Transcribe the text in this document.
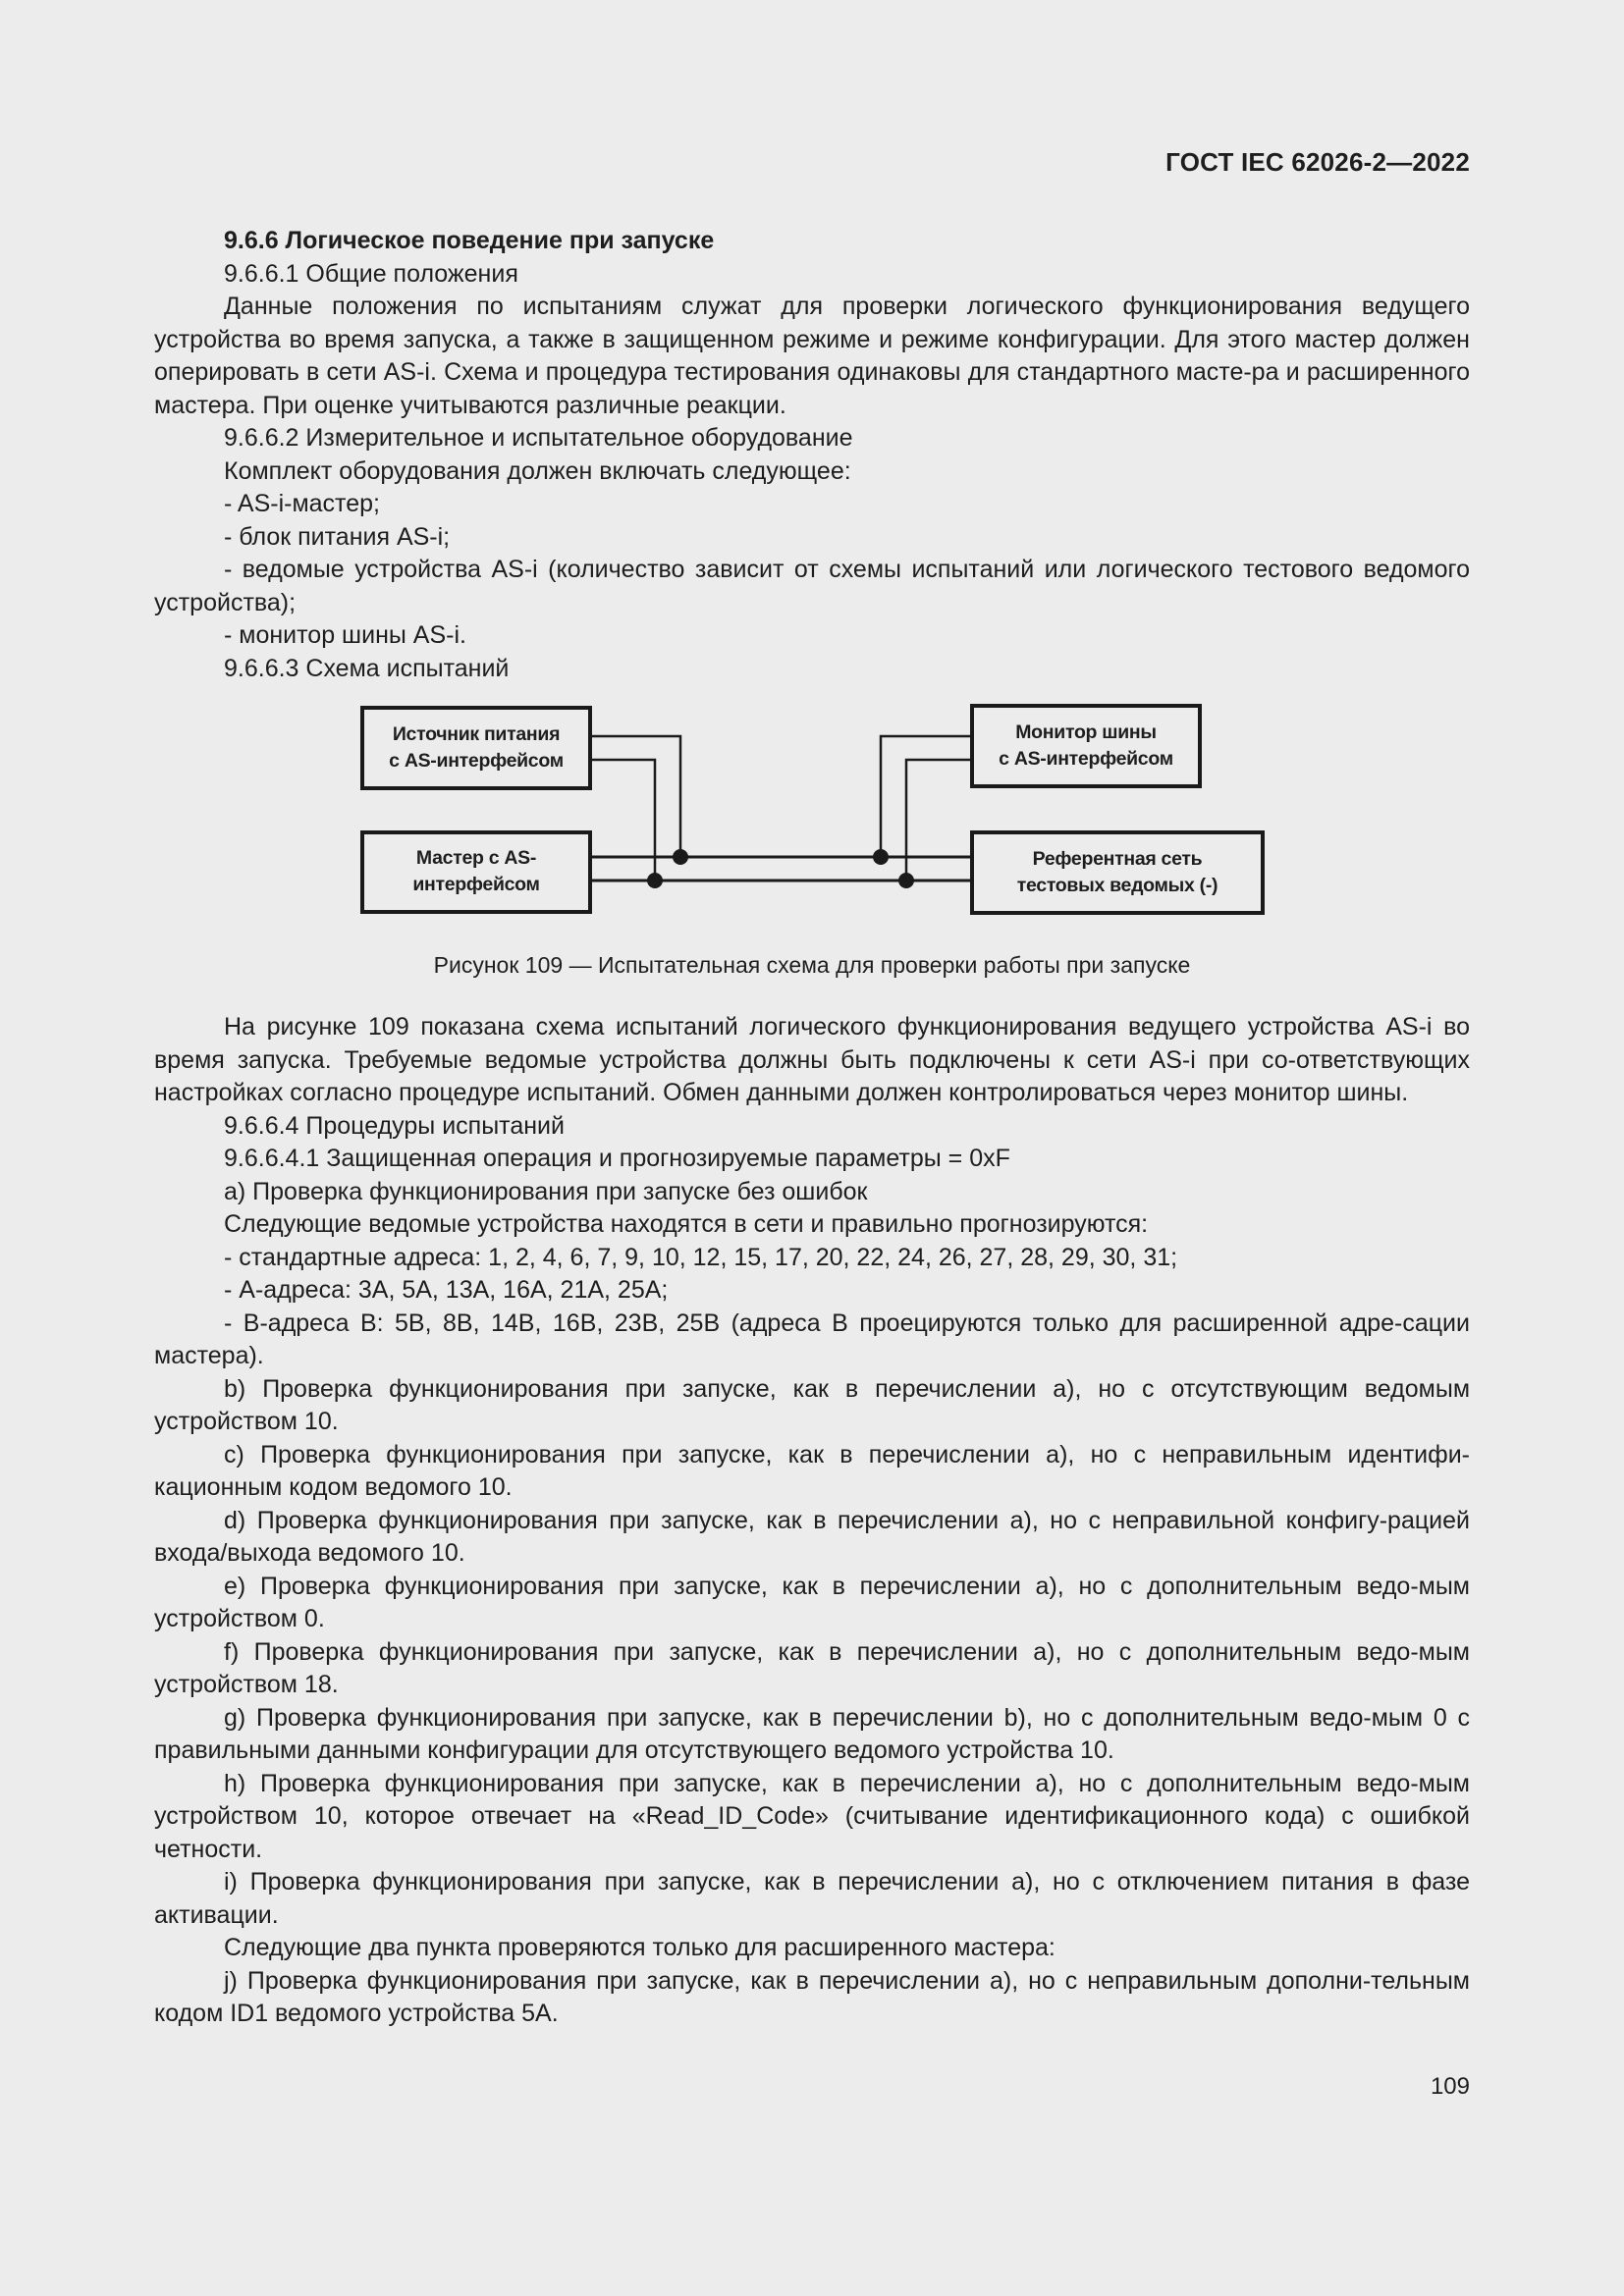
ГОСТ IEC 62026-2—2022

9.6.6 Логическое поведение при запуске

9.6.6.1 Общие положения

Данные положения по испытаниям служат для проверки логического функционирования ведущего устройства во время запуска, а также в защищенном режиме и режиме конфигурации. Для этого мастер должен оперировать в сети AS-i. Схема и процедура тестирования одинаковы для стандартного масте-ра и расширенного мастера. При оценке учитываются различные реакции.

9.6.6.2 Измерительное и испытательное оборудование

Комплект оборудования должен включать следующее:

- AS-i-мастер;

- блок питания AS-i;

- ведомые устройства AS-i (количество зависит от схемы испытаний или логического тестового ведомого устройства);

- монитор шины AS-i.

9.6.6.3 Схема испытаний

Источник питания
с AS-интерфейсом
Мастер с AS-
интерфейсом
Монитор шины
с AS-интерфейсом
Референтная сеть
тестовых ведомых (-)
Рисунок 109 — Испытательная схема для проверки работы при запуске

На рисунке 109 показана схема испытаний логического функционирования ведущего устройства AS-i во время запуска. Требуемые ведомые устройства должны быть подключены к сети AS-i при со-ответствующих настройках согласно процедуре испытаний. Обмен данными должен контролироваться через монитор шины.

9.6.6.4 Процедуры испытаний

9.6.6.4.1 Защищенная операция и прогнозируемые параметры = 0xF

a) Проверка функционирования при запуске без ошибок

Следующие ведомые устройства находятся в сети и правильно прогнозируются:

- стандартные адреса: 1, 2, 4, 6, 7, 9, 10, 12, 15, 17, 20, 22, 24, 26, 27, 28, 29, 30, 31;

- А-адреса: 3А, 5А, 13А, 16А, 21А, 25А;

- В-адреса В: 5В, 8В, 14В, 16В, 23В, 25В (адреса В проецируются только для расширенной адре-сации мастера).

b) Проверка функционирования при запуске, как в перечислении а), но с отсутствующим ведомым устройством 10.

c) Проверка функционирования при запуске, как в перечислении а), но с неправильным идентифи-кационным кодом ведомого 10.

d) Проверка функционирования при запуске, как в перечислении а), но с неправильной конфигу-рацией входа/выхода ведомого 10.

e) Проверка функционирования при запуске, как в перечислении а), но с дополнительным ведо-мым устройством 0.

f) Проверка функционирования при запуске, как в перечислении а), но с дополнительным ведо-мым устройством 18.

g) Проверка функционирования при запуске, как в перечислении b), но с дополнительным ведо-мым 0 с правильными данными конфигурации для отсутствующего ведомого устройства 10.

h) Проверка функционирования при запуске, как в перечислении а), но с дополнительным ведо-мым устройством 10, которое отвечает на «Read_ID_Code» (считывание идентификационного кода) с ошибкой четности.

i) Проверка функционирования при запуске, как в перечислении а), но с отключением питания в фазе активации.

Следующие два пункта проверяются только для расширенного мастера:

j) Проверка функционирования при запуске, как в перечислении а), но с неправильным дополни-тельным кодом ID1 ведомого устройства 5А.

109
